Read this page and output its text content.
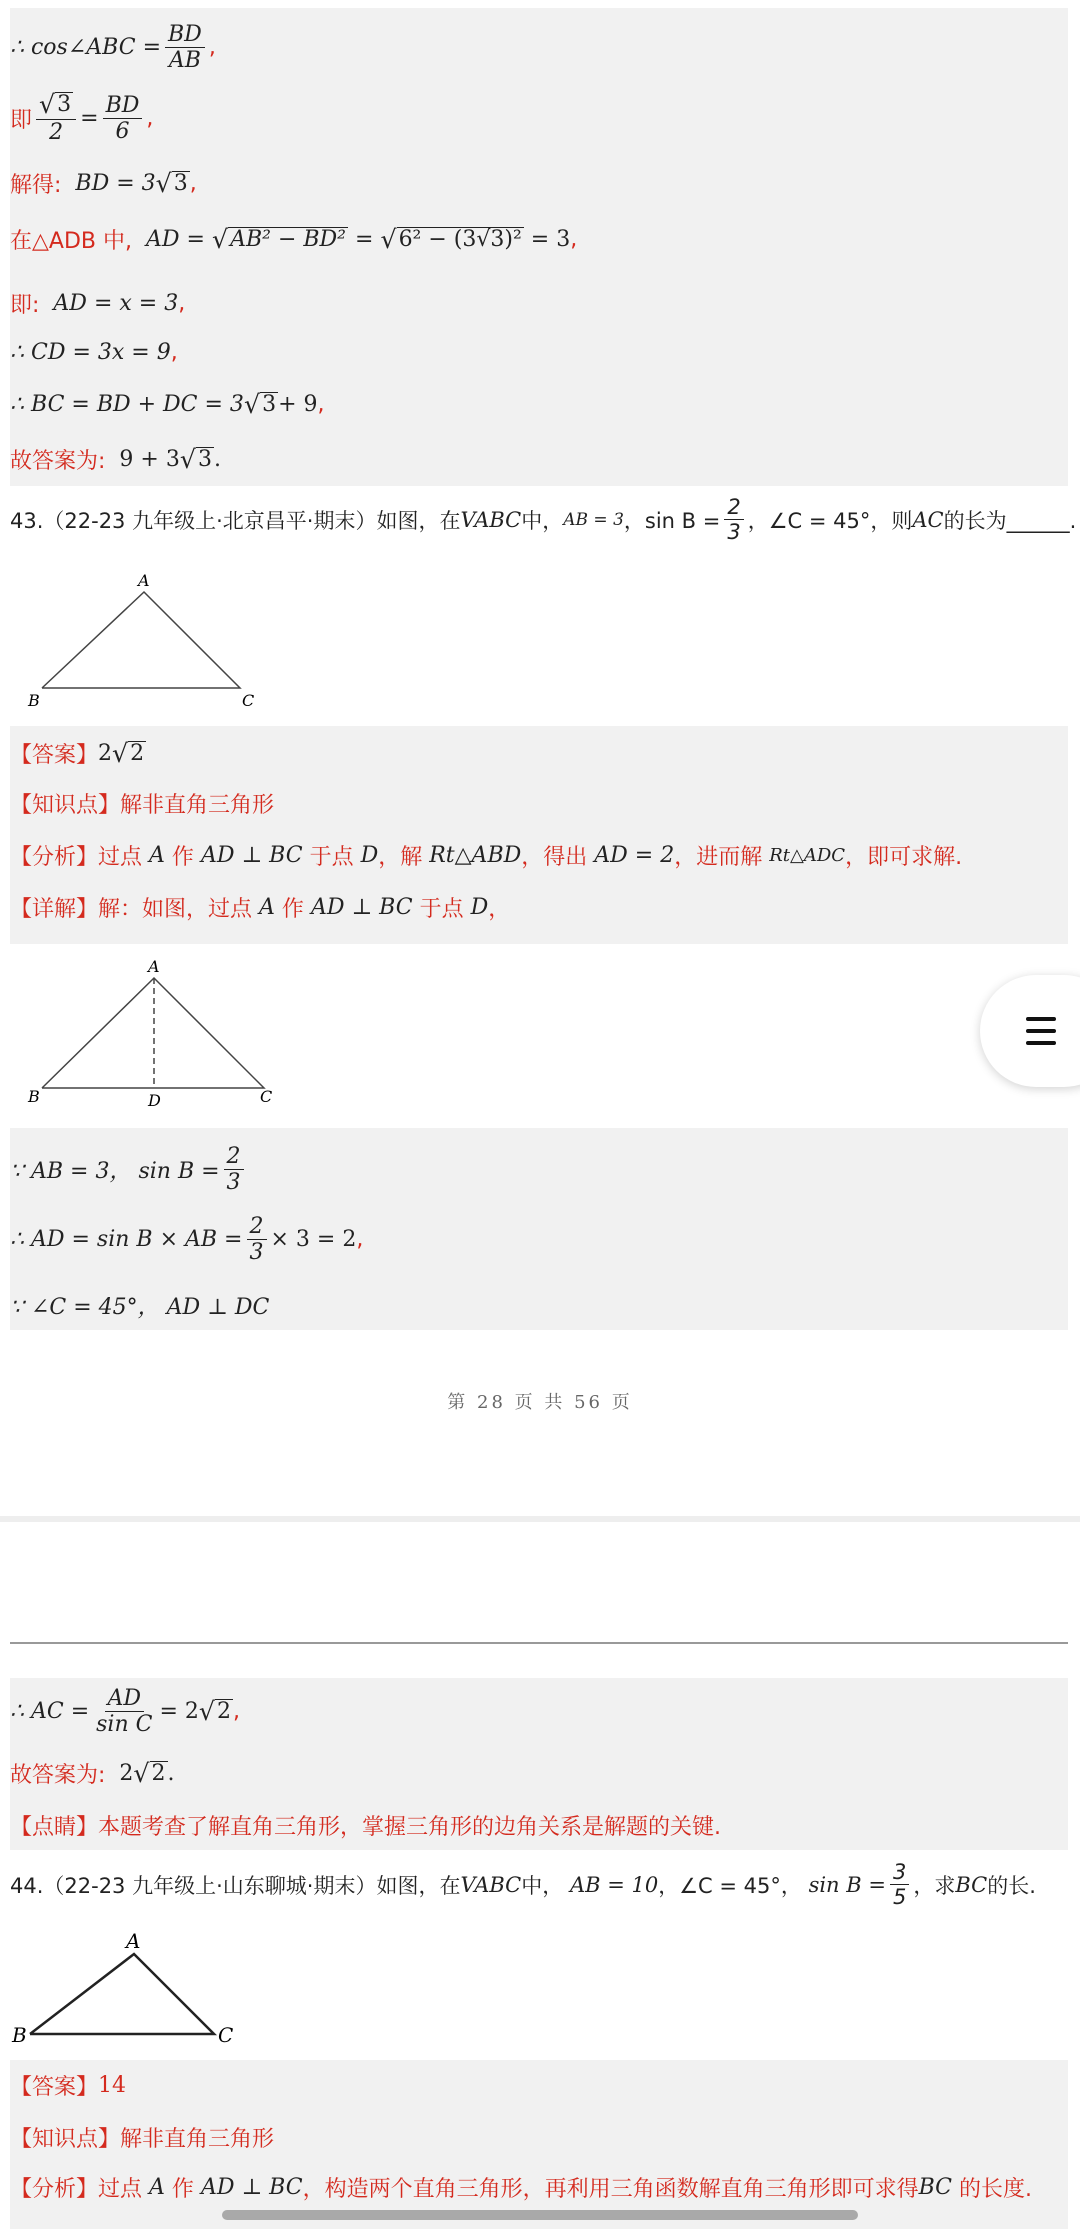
∴ cos∠ABC = $\frac{BD}{AB}$ ,
即 $\frac{√ 3}{2} = \frac{BD}{6}$ ,
解得:
BD = 3 √ 3 ,
在△ADB 中,
AD =
√ AB² − BD²
=
√ 6² − (3√3)²
= 3 ,
即:
AD = x = 3 ,
∴ CD = 3x = 9 ,
∴ BC = BD + DC = 3 √ 3 + 9 ,
故答案为:
9 + 3 √ 3 .
43.（22-23 九年级上·北京昌平·期末）如图，在 VABC 中， AB = 3 ，$\sin B = \frac{2}{3}$ ，∠C = 45°，则 AC 的长为______.
A
B	C
【答案】 2 √ 2
【知识点】 解非直角三角形
【分析】 过点
A
作
AD ⊥ BC
于点
D ，解
Rt△ABD ，得出
AD = 2 ，进而解
Rt△ADC ，即可求解.
【详解】 解：如图，过点
A
作
AD ⊥ BC
于点
D ，
A
B	D	C
∵ AB = 3， $\sin B = \frac{2}{3}$
∴ AD = sin B × AB = $\frac{2}{3} \times 3 = 2$ ,
∵ ∠C = 45°， AD ⊥ DC
第 28 页 共 56 页
∴ AC = $\frac{AD}{\text{sin C}} = 2$ √ 2 ,
故答案为:
2 √ 2 .
【点睛】 本题考查了解直角三角形，掌握三角形的边角关系是解题的关键.
44.（22-23 九年级上·山东聊城·期末）如图，在 VABC 中，
AB = 10 ，∠C = 45°，
$\sin B = \frac{3}{5}$ ，求 BC 的长.
A
B	C
【答案】 14
【知识点】 解非直角三角形
【分析】 过点
A
作
AD ⊥ BC ，构造两个直角三角形，再利用三角函数解直角三角形即可求得 BC
的长度.
